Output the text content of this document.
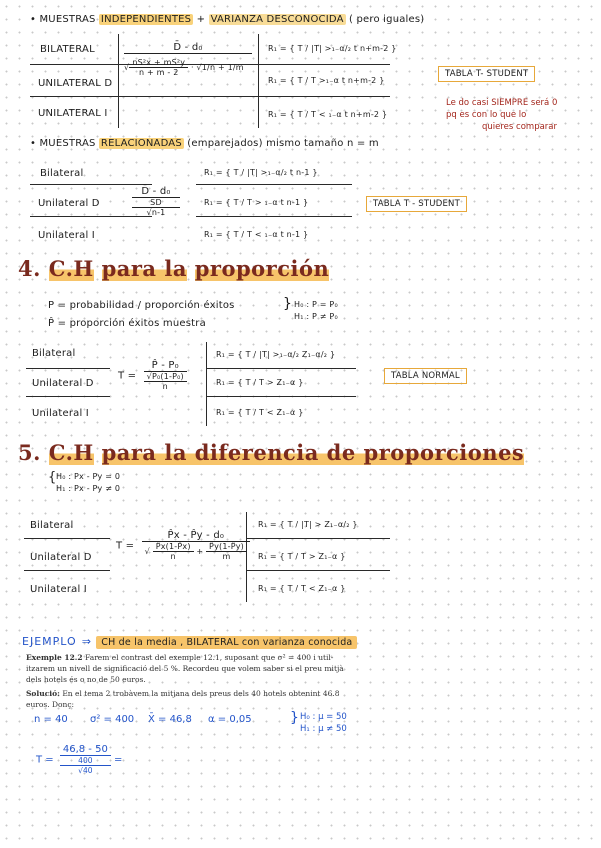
• MUESTRAS INDEPENDIENTES + VARIANZA DESCONOCIDA ( pero iguales)
BILATERAL
UNILATERAL D
UNILATERAL I
D̄ - d₀
√ $\frac{\text{nS²x + mS²y}}{n + m - 2} \cdot √1/n + 1/m$
R₁ = { T / |T| >₁₋α/₂ t n+m-2 }
R₁ = { T / T >₁₋α t n+m-2 }
R₁ = { T / T < ₁₋α t n+m-2 }
TABLA T- STUDENT
Le do casi SIEMPRE será 0
pq es con lo que lo
quieres comparar
• MUESTRAS RELACIONADAS (emparejados) mismo tamaño n = m
Bilateral
Unilateral D
Unilateral I
D̄ - d₀
SD
√n-1
R₁ = { T / |T| >₁₋α/₂ t n-1 }
R₁ = { T / T > ₁₋α t n-1 }
R₁ = { T / T < ₁₋α t n-1 }
TABLA T - STUDENT
4. C.H para la proporción
P = probabilidad / proporción éxitos
P̂ = proporción éxitos muestra
} H₀ : P = P₀
H₁ : P ≠ P₀
Bilateral
Unilateral D
Unilateral I
T =
P̂ - P₀
√P₀(1-P₀)
n
R₁ = { T / |T| >₁₋α/₂ Z₁₋α/₂ }
R₁ = { T / T > Z₁₋α }
R₁ = { T / T < Z₁₋α }
TABLA NORMAL
5. C.H para la diferencia de proporciones
{ H₀ : Px - Py = 0
H₁ : Px - Py ≠ 0
Bilateral
Unilateral D
Unilateral I
$T = \frac{\text{P̂x - P̂y - d₀}}{√ \frac{P̂x(1-P̂x)}{n} + \frac{P̂y(1-P̂y)}{m}}$
R₁ = { T / |T| > Z₁₋α/₂ }
R₁ = { T / T > Z₁₋α }
R₁ = { T / T < Z₁₋α }
EJEMPLO ⇒ CH de la media , BILATERAL con varianza conocida
Exemple 12.2 Farem el contrast del exemple 12.1, suposant que σ² = 400 i util-
itzarem un nivell de significació del 5 %. Recordeu que volem saber si el preu mitjà
dels hotels és o no de 50 euros.
Solució: En el tema 2 trobàvem la mitjana dels preus dels 40 hotels obtenint 46.8
euros. Donç:
n = 40 σ² = 400 X̄ = 46,8 α = 0,05	} H₀ : μ = 50
H₁ : μ ≠ 50
T =
46,8 - 50
400
√40
=
